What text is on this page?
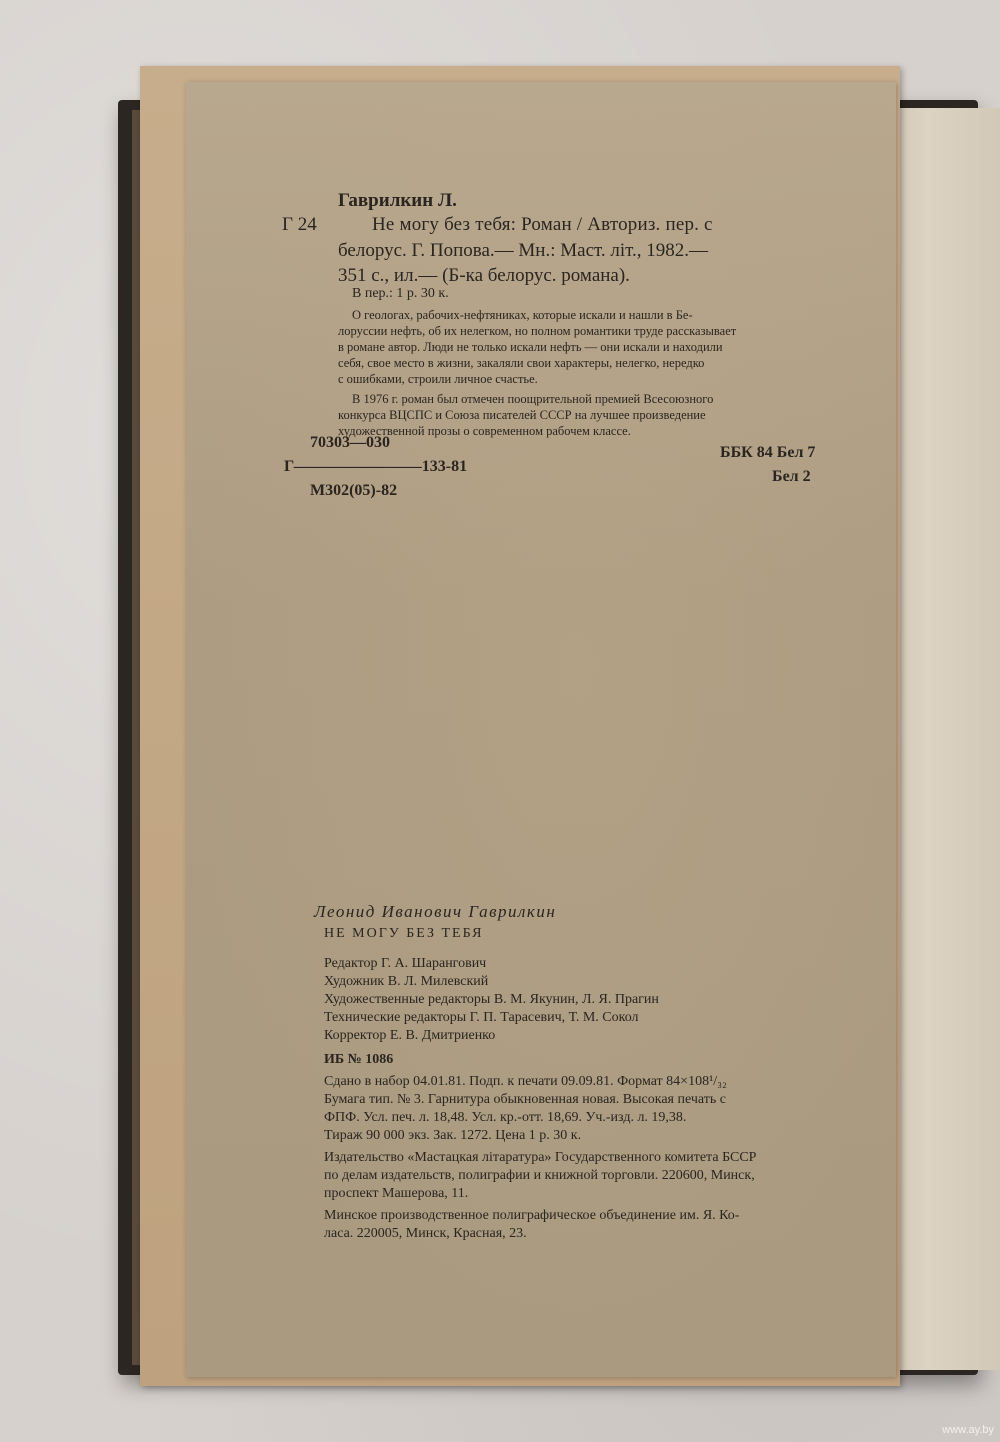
Гаврилкин Л.
Г 24	Не могу без тебя: Роман / Авториз. пер. с
белорус. Г. Попова.— Мн.: Маст. літ., 1982.—
351 с., ил.— (Б-ка белорус. романа).
В пер.: 1 р. 30 к.
О геологах, рабочих-нефтяниках, которые искали и нашли в Бе-
лоруссии нефть, об их нелегком, но полном романтики труде рассказывает
в романе автор. Люди не только искали нефть — они искали и находили
себя, свое место в жизни, закаляли свои характеры, нелегко, нередко
с ошибками, строили личное счастье.
В 1976 г. роман был отмечен поощрительной премией Всесоюзного
конкурса ВЦСПС и Союза писателей СССР на лучшее произведение
художественной прозы о современном рабочем классе.
70303—030
Г————————133-81
М302(05)-82
ББК 84 Бел 7
Бел 2
Леонид Иванович Гаврилкин
НЕ МОГУ БЕЗ ТЕБЯ
Редактор Г. А. Шарангович
Художник В. Л. Милевский
Художественные редакторы В. М. Якунин, Л. Я. Прагин
Технические редакторы Г. П. Тарасевич, Т. М. Сокол
Корректор Е. В. Дмитриенко
ИБ № 1086
Сдано в набор 04.01.81. Подп. к печати 09.09.81. Формат 84×108¹/₃₂
Бумага тип. № 3. Гарнитура обыкновенная новая. Высокая печать с
ФПФ. Усл. печ. л. 18,48. Усл. кр.-отт. 18,69. Уч.-изд. л. 19,38.
Тираж 90 000 экз. Зак. 1272. Цена 1 р. 30 к.
Издательство «Мастацкая літаратура» Государственного комитета БССР
по делам издательств, полиграфии и книжной торговли. 220600, Минск,
проспект Машерова, 11.
Минское производственное полиграфическое объединение им. Я. Ко-
ласа. 220005, Минск, Красная, 23.
www.ay.by
